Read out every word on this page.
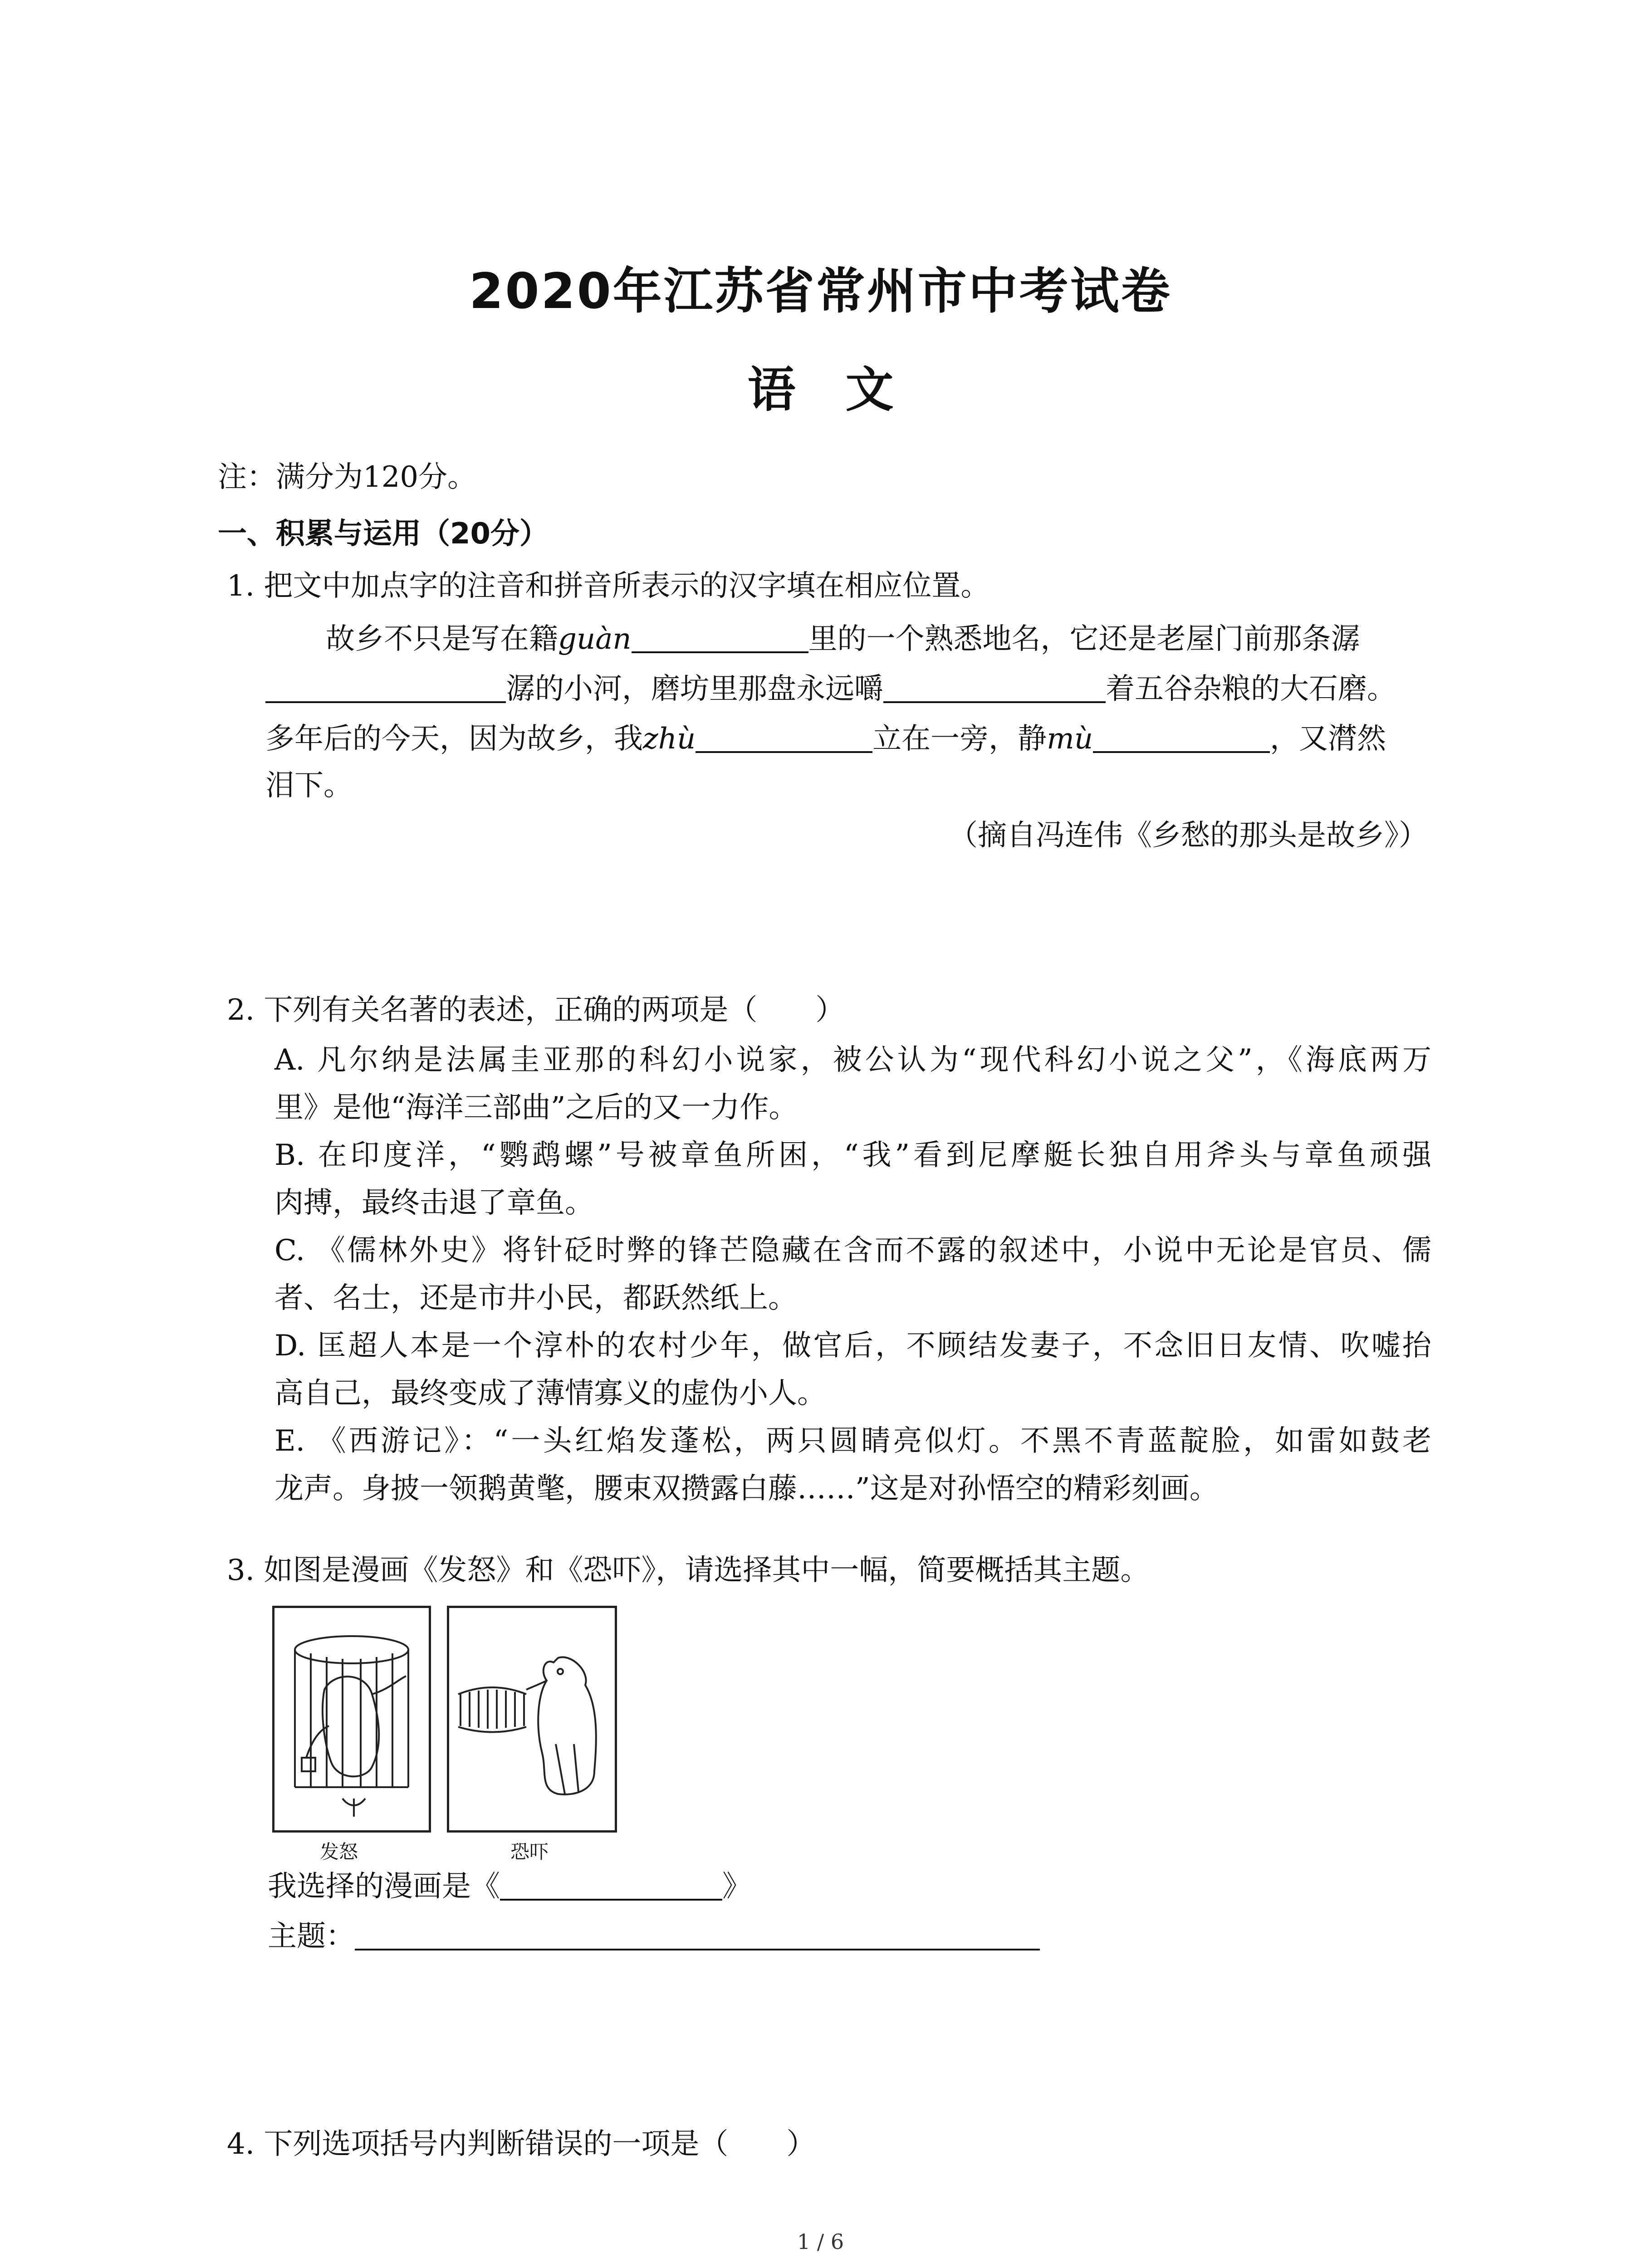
2020年江苏省常州市中考试卷
语文
注：满分为120分。
一、积累与运用（20分）
1. 把文中加点字的注音和拼音所表示的汉字填在相应位置。
故乡不只是写在籍guàn	里的一个熟悉地名，它还是老屋门前那条潺
潺的小河，磨坊里那盘永远嚼	着五谷杂粮的大石磨。
多年后的今天，因为故乡，我zhù	立在一旁，静mù	，又潸然
泪下。
（摘自冯连伟《乡愁的那头是故乡》）
2. 下列有关名著的表述，正确的两项是（　　）
A. 凡尔纳是法属圭亚那的科幻小说家，被公认为“现代科幻小说之父”，《海底两万
里》是他“海洋三部曲”之后的又一力作。
B. 在印度洋，“鹦鹉螺”号被章鱼所困，“我”看到尼摩艇长独自用斧头与章鱼顽强
肉搏，最终击退了章鱼。
C. 《儒林外史》将针砭时弊的锋芒隐藏在含而不露的叙述中，小说中无论是官员、儒
者、名士，还是市井小民，都跃然纸上。
D. 匡超人本是一个淳朴的农村少年，做官后，不顾结发妻子，不念旧日友情、吹嘘抬
高自己，最终变成了薄情寡义的虚伪小人。
E. 《西游记》：“一头红焰发蓬松，两只圆睛亮似灯。不黑不青蓝靛脸，如雷如鼓老
龙声。身披一领鹅黄氅，腰束双攒露白藤……”这是对孙悟空的精彩刻画。
3. 如图是漫画《发怒》和《恐吓》，请选择其中一幅，简要概括其主题。
发怒	恐吓
我选择的漫画是《	》
主题：
4. 下列选项括号内判断错误的一项是（　　）
1 / 6
